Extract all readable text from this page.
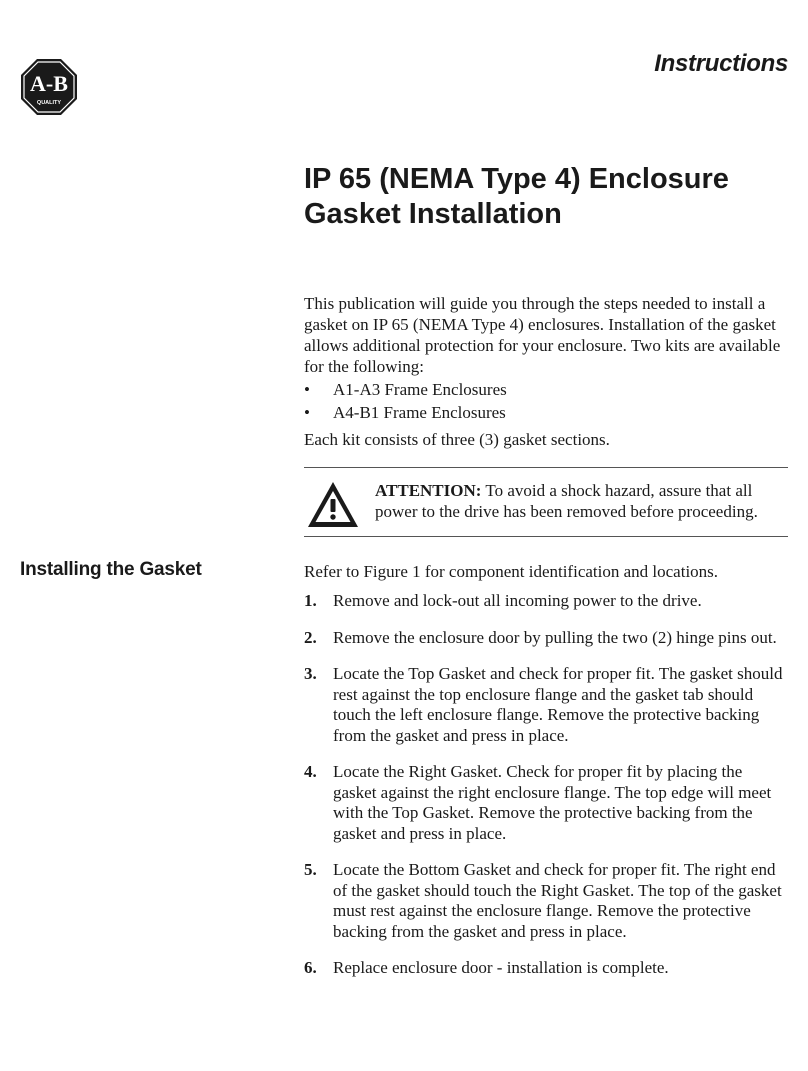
A-B
QUALITY
Instructions
IP 65 (NEMA Type 4) Enclosure Gasket Installation

This publication will guide you through the steps needed to install a gasket on IP 65 (NEMA Type 4) enclosures. Installation of the gasket allows additional protection for your enclosure. Two kits are available for the following:

• A1-A3 Frame Enclosures
• A4-B1 Frame Enclosures

Each kit consists of three (3) gasket sections.

ATTENTION: To avoid a shock hazard, assure that all power to the drive has been removed before proceeding.

Installing the Gasket	Refer to Figure 1 for component identification and locations.

1. Remove and lock-out all incoming power to the drive.
2. Remove the enclosure door by pulling the two (2) hinge pins out.
3. Locate the Top Gasket and check for proper fit. The gasket should rest against the top enclosure flange and the gasket tab should touch the left enclosure flange. Remove the protective backing from the gasket and press in place.
4. Locate the Right Gasket. Check for proper fit by placing the gasket against the right enclosure flange. The top edge will meet with the Top Gasket. Remove the protective backing from the gasket and press in place.
5. Locate the Bottom Gasket and check for proper fit. The right end of the gasket should touch the Right Gasket. The top of the gasket must rest against the enclosure flange. Remove the protective backing from the gasket and press in place.
6. Replace enclosure door - installation is complete.
